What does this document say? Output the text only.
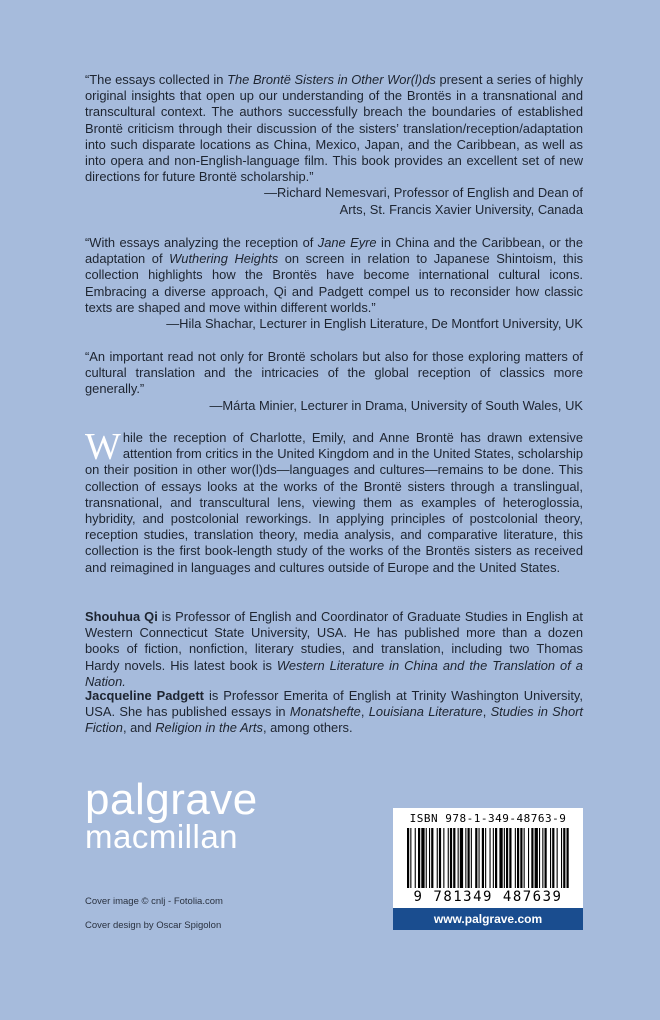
“The essays collected in The Brontë Sisters in Other Wor(l)ds present a series of highly original insights that open up our understanding of the Brontës in a transnational and transcultural context. The authors successfully breach the boundaries of established Brontë criticism through their discussion of the sisters’ translation/reception/adaptation into such disparate locations as China, Mexico, Japan, and the Caribbean, as well as into opera and non-English-language film. This book provides an excellent set of new directions for future Brontë scholarship.”

—Richard Nemesvari, Professor of English and Dean of
Arts, St. Francis Xavier University, Canada

“With essays analyzing the reception of Jane Eyre in China and the Caribbean, or the adaptation of Wuthering Heights on screen in relation to Japanese Shintoism, this collection highlights how the Brontës have become international cultural icons. Embracing a diverse approach, Qi and Padgett compel us to reconsider how classic texts are shaped and move within different worlds.”

—Hila Shachar, Lecturer in English Literature, De Montfort University, UK

“An important read not only for Brontë scholars but also for those exploring matters of cultural translation and the intricacies of the global reception of classics more generally.”

—Márta Minier, Lecturer in Drama, University of South Wales, UK

While the reception of Charlotte, Emily, and Anne Brontë has drawn extensive attention from critics in the United Kingdom and in the United States, scholarship on their position in other wor(l)ds—languages and cultures—remains to be done. This collection of essays looks at the works of the Brontë sisters through a translingual, transnational, and transcultural lens, viewing them as examples of heteroglossia, hybridity, and postcolonial reworkings. In applying principles of postcolonial theory, reception studies, translation theory, media analysis, and comparative literature, this collection is the first book-length study of the works of the Brontës sisters as received and reimagined in languages and cultures outside of Europe and the United States.

Shouhua Qi is Professor of English and Coordinator of Graduate Studies in English at Western Connecticut State University, USA. He has published more than a dozen books of fiction, nonfiction, literary studies, and translation, including two Thomas Hardy novels. His latest book is Western Literature in China and the Translation of a Nation.

Jacqueline Padgett is Professor Emerita of English at Trinity Washington University, USA. She has published essays in Monatshefte, Louisiana Literature, Studies in Short Fiction, and Religion in the Arts, among others.

palgrave
macmillan
Cover image © cnlj - Fotolia.com
Cover design by Oscar Spigolon
ISBN 978-1-349-48763-9
9 781349 487639
www.palgrave.com
